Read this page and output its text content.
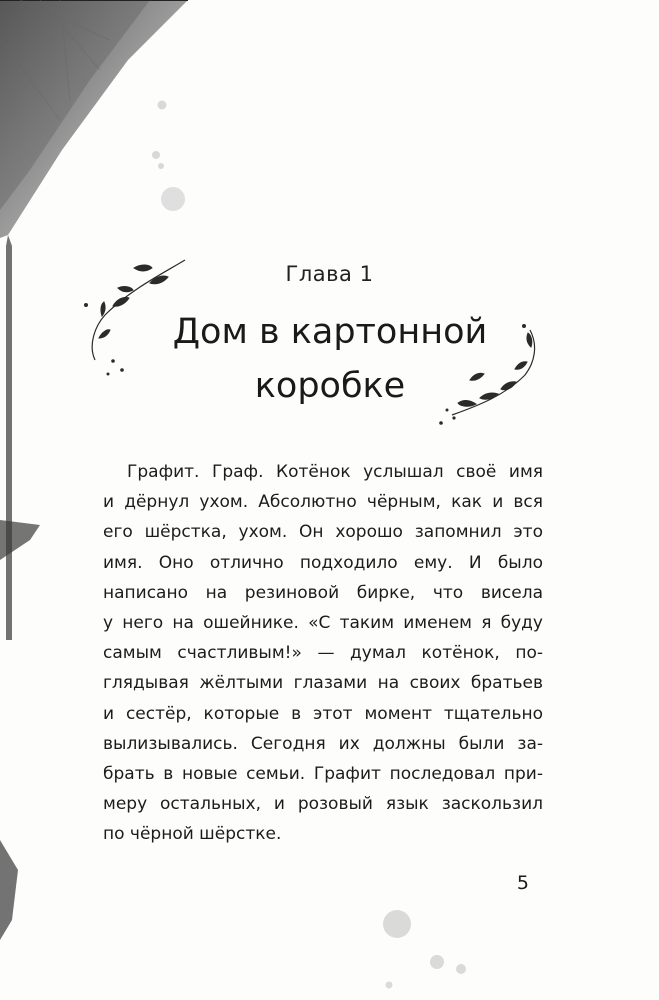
Глава 1
Дом в картонной
коробке

Графит. Граф. Котёнок услышал своё имя
и дёрнул ухом. Абсолютно чёрным, как и вся
его шёрстка, ухом. Он хорошо запомнил это
имя. Оно отлично подходило ему. И было
написано на резиновой бирке, что висела
у него на ошейнике. «С таким именем я буду
самым счастливым!» — думал котёнок, по-
глядывая жёлтыми глазами на своих братьев
и сестёр, которые в этот момент тщательно
вылизывались. Сегодня их должны были за-
брать в новые семьи. Графит последовал при-
меру остальных, и розовый язык заскользил
по чёрной шёрстке.

5
